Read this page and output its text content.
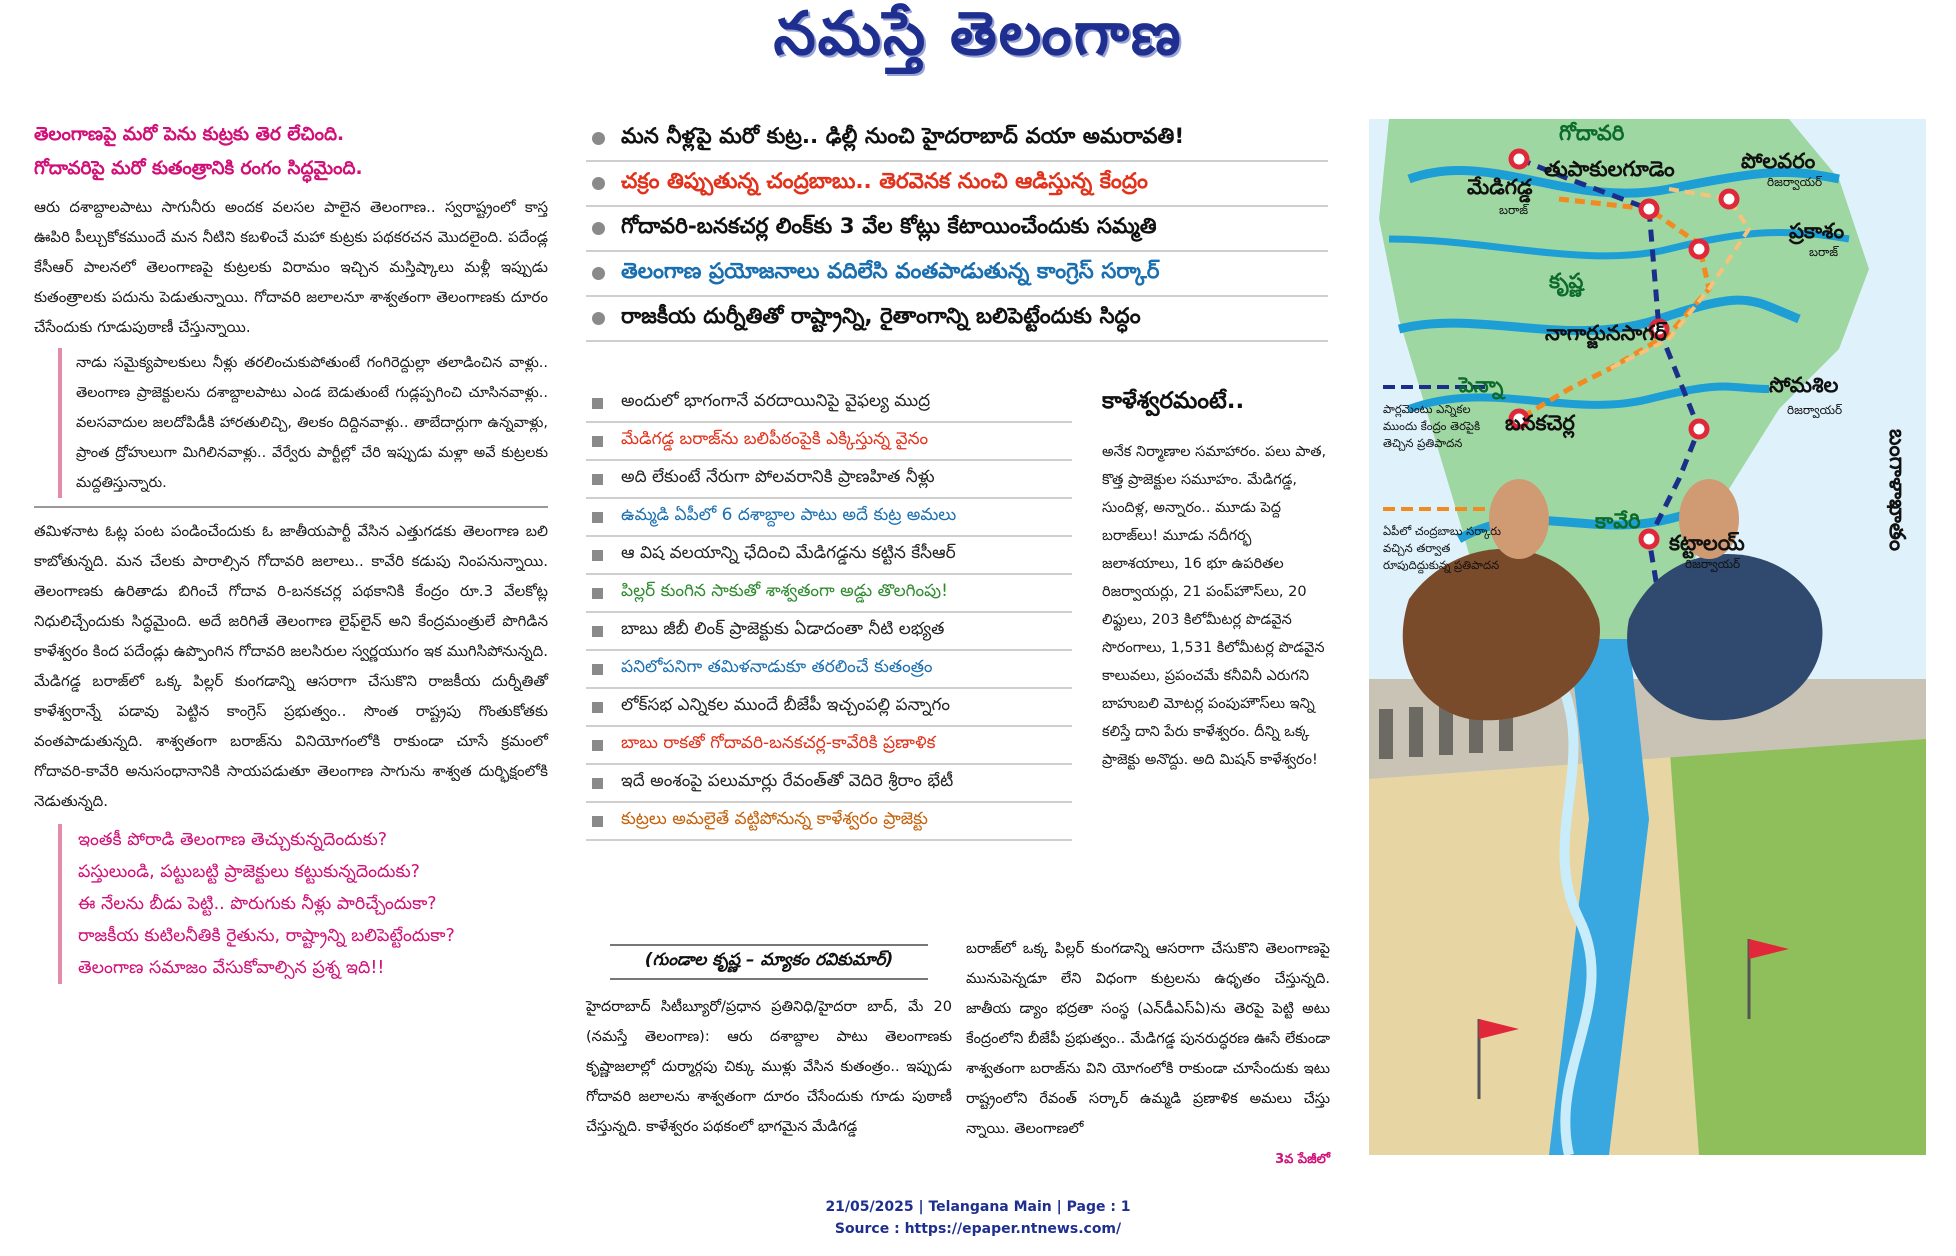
నమస్తే తెలంగాణ
తెలంగాణపై మరో పెను కుట్రకు తెర లేచింది.
గోదావరిపై మరో కుతంత్రానికి రంగం సిద్ధమైంది.
ఆరు దశాబ్దాలపాటు సాగునీరు అందక వలసల పాలైన తెలంగాణ.. స్వరాష్ట్రంలో కాస్త ఊపిరి పీల్చుకోకముందే మన నీటిని కబళించే మహా కుట్రకు పథకరచన మొదలైంది. పదేండ్ల కేసీఆర్ పాలనలో తెలంగాణపై కుట్రలకు విరామం ఇచ్చిన మస్తిష్కాలు మళ్లీ ఇప్పుడు కుతంత్రాలకు పదును పెడుతున్నాయి. గోదావరి జలాలనూ శాశ్వతంగా తెలంగాణకు దూరం చేసేందుకు గూడుపుఠాణీ చేస్తున్నాయి.
నాడు సమైక్యపాలకులు నీళ్లు తరలించుకుపోతుంటే గంగిరెద్దుల్లా తలాడించిన వాళ్లు.. తెలంగాణ ప్రాజెక్టులను దశాబ్దాలపాటు ఎండ బెడుతుంటే గుడ్లప్పగించి చూసినవాళ్లు.. వలసవాదుల జలదోపిడీకి హారతులిచ్చి, తిలకం దిద్దినవాళ్లు.. తాబేదార్లుగా ఉన్నవాళ్లు, ప్రాంత ద్రోహులుగా మిగిలినవాళ్లు.. వేర్వేరు పార్టీల్లో చేరి ఇప్పుడు మళ్లా అవే కుట్రలకు మద్దతిస్తున్నారు.
తమిళనాట ఓట్ల పంట పండించేందుకు ఓ జాతీయపార్టీ వేసిన ఎత్తుగడకు తెలంగాణ బలి కాబోతున్నది. మన చేలకు పారాల్సిన గోదావరి జలాలు.. కావేరి కడుపు నింపనున్నాయి. తెలంగాణకు ఉరితాడు బిగించే గోదావ రి-బనకచర్ల పథకానికి కేంద్రం రూ.3 వేలకోట్ల నిధులిచ్చేందుకు సిద్ధమైంది. అదే జరిగితే తెలంగాణ లైఫ్‌లైన్ అని కేంద్రమంత్రులే పొగిడిన కాళేశ్వరం కింద పదేండ్లు ఉప్పొంగిన గోదావరి జలసిరుల స్వర్ణయుగం ఇక ముగిసిపోనున్నది. మేడిగడ్డ బరాజ్‌లో ఒక్క పిల్లర్ కుంగడాన్ని ఆసరాగా చేసుకొని రాజకీయ దుర్నీతితో కాళేశ్వరాన్నే పడావు పెట్టిన కాంగ్రెస్ ప్రభుత్వం.. సొంత రాష్ట్రపు గొంతుకోతకు వంతపాడుతున్నది. శాశ్వతంగా బరాజ్‌ను వినియోగంలోకి రాకుండా చూసే క్రమంలో గోదావరి-కావేరి అనుసంధానానికి సాయపడుతూ తెలంగాణ సాగును శాశ్వత దుర్భిక్షంలోకి నెడుతున్నది.
ఇంతకీ పోరాడి తెలంగాణ తెచ్చుకున్నదెందుకు?
పస్తులుండి, పట్టుబట్టి ప్రాజెక్టులు కట్టుకున్నదెందుకు?
ఈ నేలను బీడు పెట్టి.. పొరుగుకు నీళ్లు పారిచ్చేందుకా?
రాజకీయ కుటిలనీతికి రైతును, రాష్ట్రాన్ని బలిపెట్టేందుకా?
తెలంగాణ సమాజం వేసుకోవాల్సిన ప్రశ్న ఇది!!
మన నీళ్లపై మరో కుట్ర.. ఢిల్లీ నుంచి హైదరాబాద్ వయా అమరావతి!
చక్రం తిప్పుతున్న చంద్రబాబు.. తెరవెనక నుంచి ఆడిస్తున్న కేంద్రం
గోదావరి-బనకచర్ల లింక్‌కు 3 వేల కోట్లు కేటాయించేందుకు సమ్మతి
తెలంగాణ ప్రయోజనాలు వదిలేసి వంతపాడుతున్న కాంగ్రెస్ సర్కార్
రాజకీయ దుర్నీతితో రాష్ట్రాన్ని, రైతాంగాన్ని బలిపెట్టేందుకు సిద్ధం
అందులో భాగంగానే వరదాయినిపై వైఫల్య ముద్ర
మేడిగడ్డ బరాజ్‌ను బలిపీఠంపైకి ఎక్కిస్తున్న వైనం
అది లేకుంటే నేరుగా పోలవరానికి ప్రాణహిత నీళ్లు
ఉమ్మడి ఏపీలో 6 దశాబ్దాల పాటు అదే కుట్ర అమలు
ఆ విష వలయాన్ని ఛేదించి మేడిగడ్డను కట్టిన కేసీఆర్
పిల్లర్ కుంగిన సాకుతో శాశ్వతంగా అడ్డు తొలగింపు!
బాబు జీబీ లింక్ ప్రాజెక్టుకు ఏడాదంతా నీటి లభ్యత
పనిలోపనిగా తమిళనాడుకూ తరలించే కుతంత్రం
లోక్‌సభ ఎన్నికల ముందే బీజేపీ ఇచ్చంపల్లి పన్నాగం
బాబు రాకతో గోదావరి-బనకచర్ల-కావేరికి ప్రణాళిక
ఇదే అంశంపై పలుమార్లు రేవంత్‌తో వెదిరె శ్రీరాం భేటీ
కుట్రలు అమలైతే వట్టిపోనున్న కాళేశ్వరం ప్రాజెక్టు
కాళేశ్వరమంటే..
అనేక నిర్మాణాల సమాహారం. పలు పాత, కొత్త ప్రాజెక్టుల సమూహం. మేడిగడ్డ, సుందిళ్ల, అన్నారం.. మూడు పెద్ద బరాజ్‌లు! మూడు నదీగర్భ జలాశయాలు, 16 భూ ఉపరితల రిజర్వాయర్లు, 21 పంప్‌హౌస్‌లు, 20 లిఫ్టులు, 203 కిలోమీటర్ల పొడవైన సొరంగాలు, 1,531 కిలోమీటర్ల పొడవైన కాలువలు, ప్రపంచమే కనీవినీ ఎరుగని బాహుబలి మోటర్ల పంపుహౌస్‌లు ఇన్ని కలిస్తే దాని పేరు కాళేశ్వరం. దీన్ని ఒక్క ప్రాజెక్టు అనొద్దు. అది మిషన్ కాళేశ్వరం!
(గుండాల కృష్ణ – మ్యాకం రవికుమార్)
హైదరాబాద్ సిటీబ్యూరో/ప్రధాన ప్రతినిధి/హైదరా బాద్, మే 20 (నమస్తే తెలంగాణ): ఆరు దశాబ్దాల పాటు తెలంగాణకు కృష్ణాజలాల్లో దుర్మార్గపు చిక్కు ముళ్లు వేసిన కుతంత్రం.. ఇప్పుడు గోదావరి జలాలను శాశ్వతంగా దూరం చేసేందుకు గూడు పుఠాణీ చేస్తున్నది. కాళేశ్వరం పథకంలో భాగమైన మేడిగడ్డ
బరాజ్‌లో ఒక్క పిల్లర్ కుంగడాన్ని ఆసరాగా చేసుకొని తెలంగాణపై మునుపెన్నడూ లేని విధంగా కుట్రలను ఉధృతం చేస్తున్నది. జాతీయ డ్యాం భద్రతా సంస్థ (ఎన్‌డీఎస్‌ఏ)ను తెరపై పెట్టి అటు కేంద్రంలోని బీజేపీ ప్రభుత్వం.. మేడిగడ్డ పునరుద్ధరణ ఊసే లేకుండా శాశ్వతంగా బరాజ్‌ను విని యోగంలోకి రాకుండా చూసేందుకు ఇటు రాష్ట్రంలోని రేవంత్ సర్కార్ ఉమ్మడి ప్రణాళిక అమలు చేస్తు న్నాయి. తెలంగాణలో
3వ పేజీలో
గోదావరి
మేడిగడ్డ
బరాజ్
తుపాకులగూడెం	పోలవరం
రిజర్వాయర్
ప్రకాశం
బరాజ్
కృష్ణ
నాగార్జునసాగర్
పెన్నా	సోమశిల
రిజర్వాయర్
బనకచెర్ల
కావేరి
కట్టాలయ్
రిజర్వాయర్
పార్లమెంటు ఎన్నికల ముందు కేంద్రం తెరపైకి తెచ్చిన ప్రతిపాదన
ఏపీలో చంద్రబాబు సర్కారు వచ్చిన తర్వాత రూపుదిద్దుకున్న ప్రతిపాదన
బంగాళాఖాతం
21/05/2025 | Telangana Main | Page : 1
Source : https://epaper.ntnews.com/
